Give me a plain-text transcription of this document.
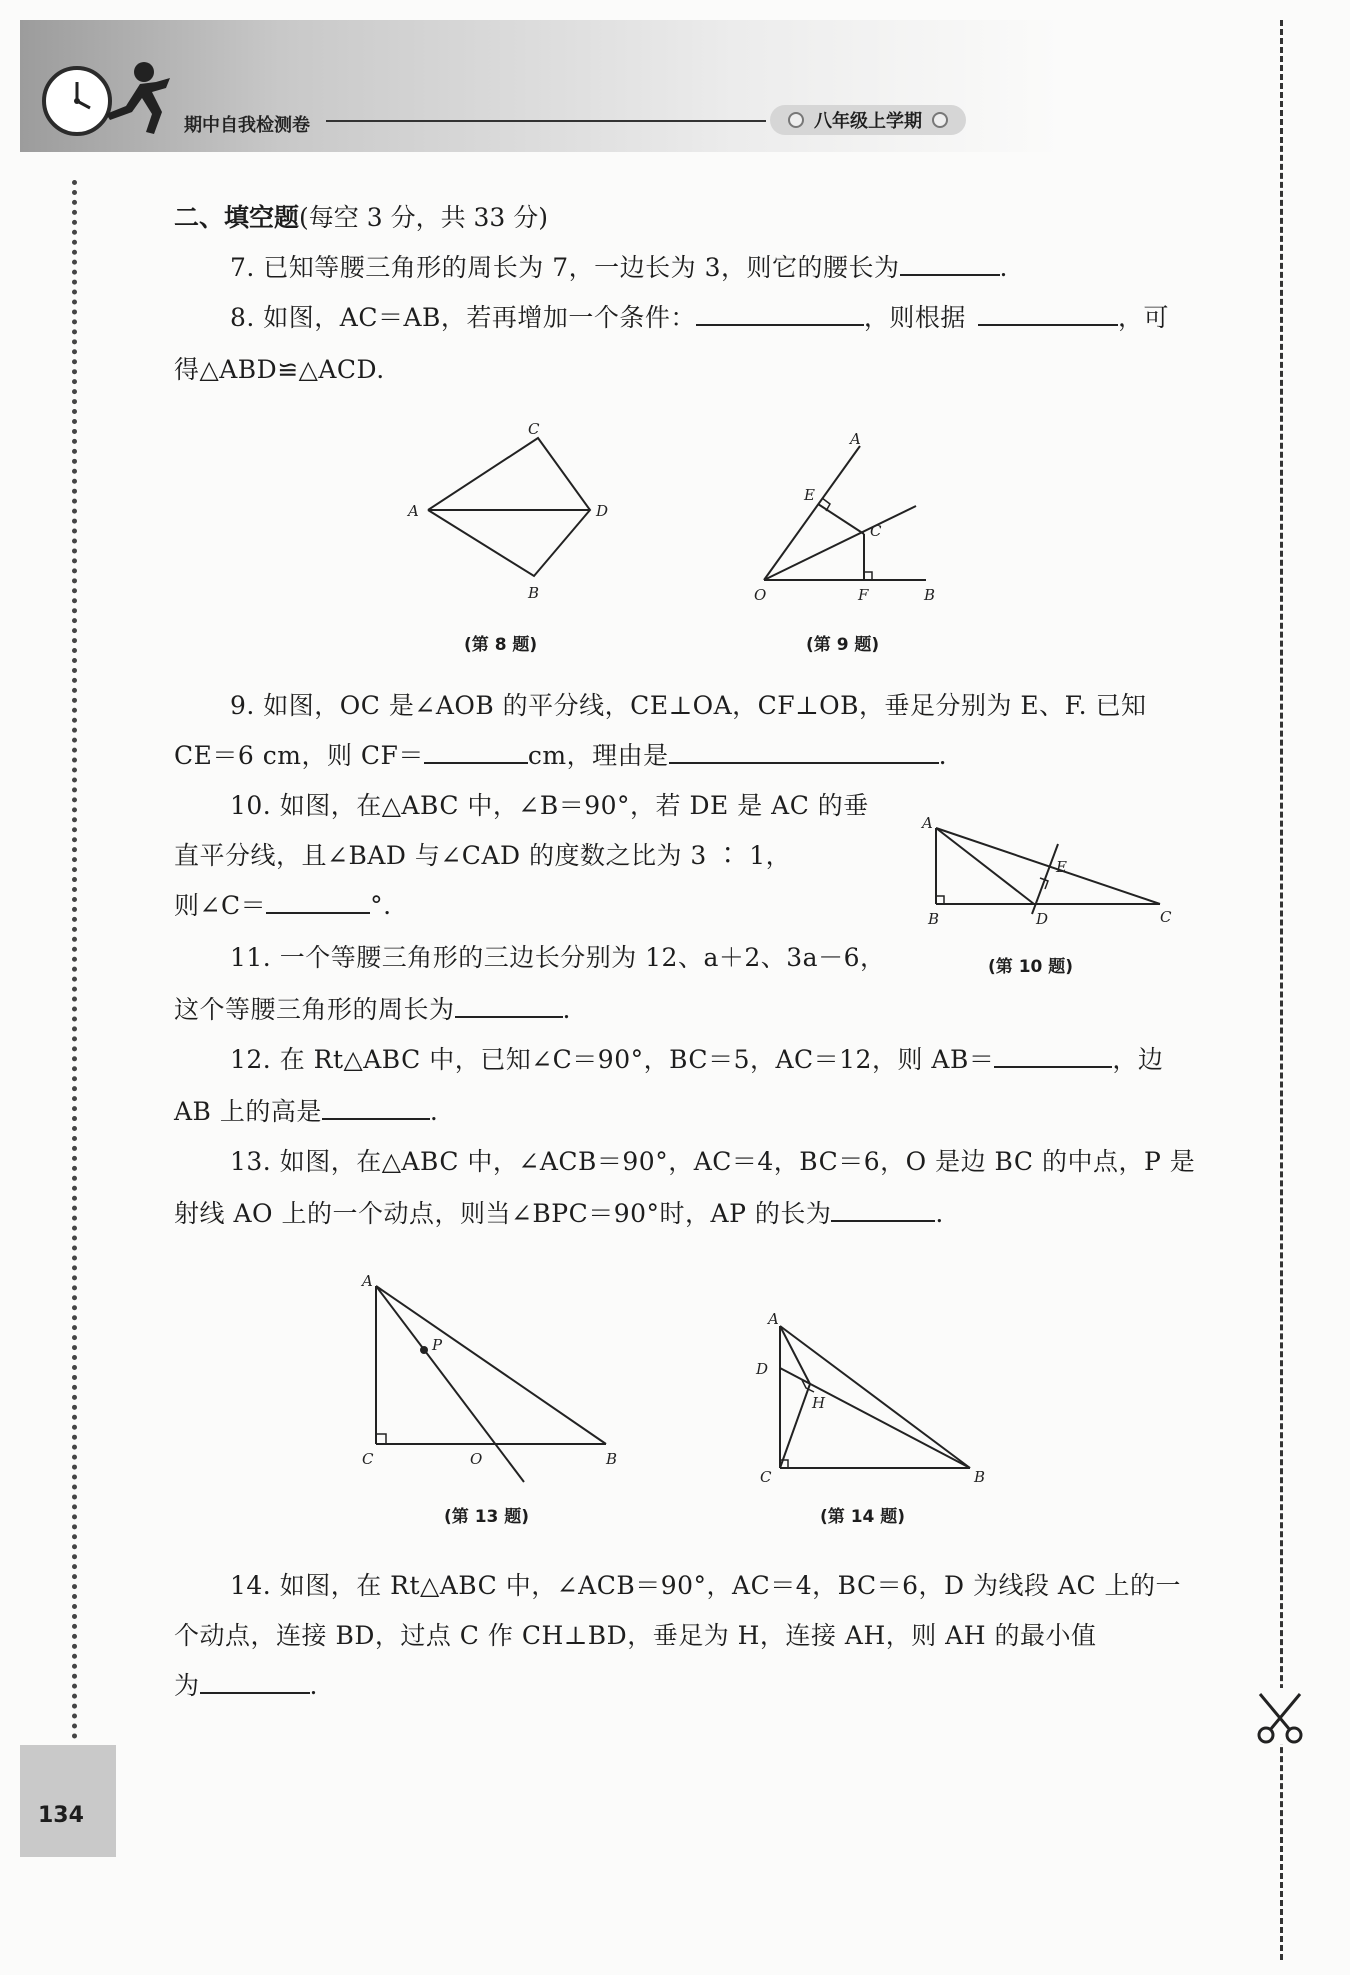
期中自我检测卷	八年级上学期
134
二、填空题(每空 3 分，共 33 分)
7. 已知等腰三角形的周长为 7，一边长为 3，则它的腰长为	.
8. 如图，AC＝AB，若再增加一个条件：	，则根据	，可
得△ABD≌△ACD.
C
A	D
B
(第 8 题)
A
E
C
O	F	B
(第 9 题)
9. 如图，OC 是∠AOB 的平分线，CE⊥OA，CF⊥OB，垂足分别为 E、F. 已知
CE＝6 cm，则 CF＝	cm，理由是	.
10. 如图，在△ABC 中，∠B＝90°，若 DE 是 AC 的垂
直平分线，且∠BAD 与∠CAD 的度数之比为 3 ∶ 1，
则∠C＝	°.
A
E
B	D	C
(第 10 题)
11. 一个等腰三角形的三边长分别为 12、a＋2、3a－6，
这个等腰三角形的周长为	.
12. 在 Rt△ABC 中，已知∠C＝90°，BC＝5，AC＝12，则 AB＝	，边
AB 上的高是	.
13. 如图，在△ABC 中，∠ACB＝90°，AC＝4，BC＝6，O 是边 BC 的中点，P 是
射线 AO 上的一个动点，则当∠BPC＝90°时，AP 的长为	.
A
P
C	O	B
(第 13 题)
A
D
H
C	B
(第 14 题)
14. 如图，在 Rt△ABC 中，∠ACB＝90°，AC＝4，BC＝6，D 为线段 AC 上的一
个动点，连接 BD，过点 C 作 CH⊥BD，垂足为 H，连接 AH，则 AH 的最小值
为	.
